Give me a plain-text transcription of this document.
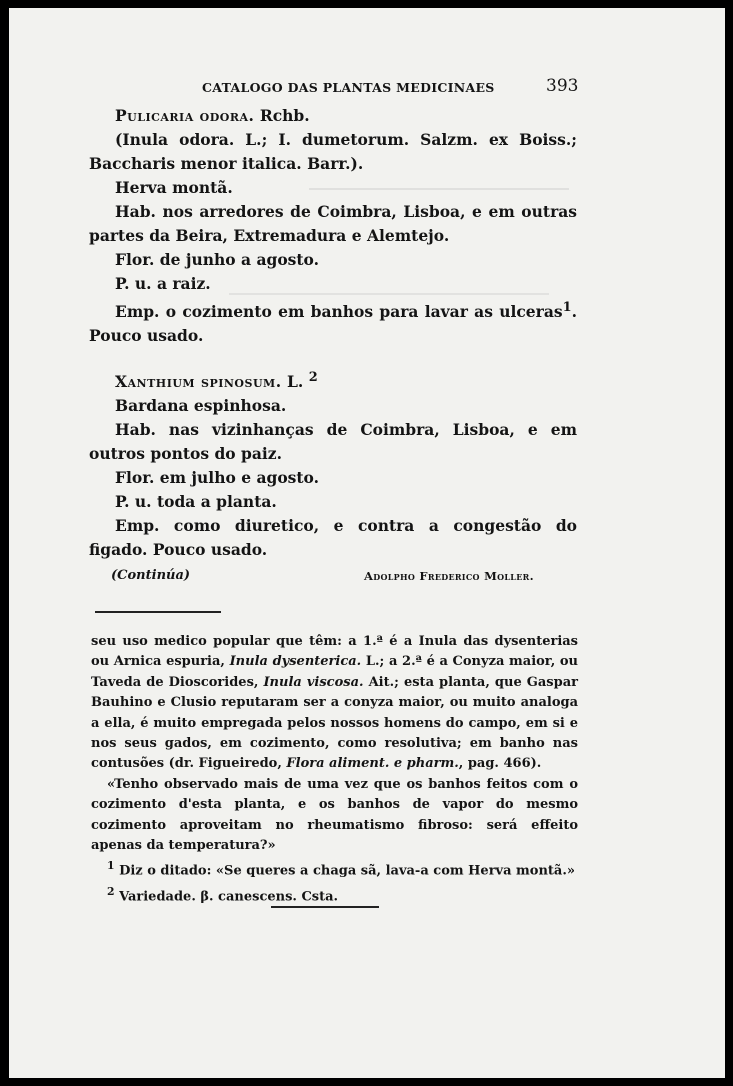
CATALOGO DAS PLANTAS MEDICINAES	393

Pulicaria odora. Rchb.

(Inula odora. L.; I. dumetorum. Salzm. ex Boiss.; Baccharis menor italica. Barr.).

Herva montã.

Hab. nos arredores de Coimbra, Lisboa, e em outras partes da Beira, Extremadura e Alemtejo.

Flor. de junho a agosto.

P. u. a raiz.

Emp. o cozimento em banhos para lavar as ulceras$^1$. Pouco usado.

Xanthium spinosum. L. $^2$

Bardana espinhosa.

Hab. nas vizinhanças de Coimbra, Lisboa, e em outros pontos do paiz.

Flor. em julho e agosto.

P. u. toda a planta.

Emp. como diuretico, e contra a congestão do figado. Pouco usado.

(Continúa)	Adolpho Frederico Moller.

seu uso medico popular que têm: a 1.ª é a Inula das dysenterias ou Arnica espuria, Inula dysenterica. L.; a 2.ª é a Conyza maior, ou Taveda de Dioscorides, Inula viscosa. Ait.; esta planta, que Gaspar Bauhino e Clusio reputaram ser a conyza maior, ou muito analoga a ella, é muito empregada pelos nossos homens do campo, em si e nos seus gados, em cozimento, como resolutiva; em banho nas contusões (dr. Figueiredo, Flora aliment. e pharm., pag. 466).

«Tenho observado mais de uma vez que os banhos feitos com o cozimento d'esta planta, e os banhos de vapor do mesmo cozimento aproveitam no rheumatismo fibroso: será effeito apenas da temperatura?»

$^1$ Diz o ditado: «Se queres a chaga sã, lava-a com Herva montã.»

$^2$ Variedade. β. canescens. Csta.
